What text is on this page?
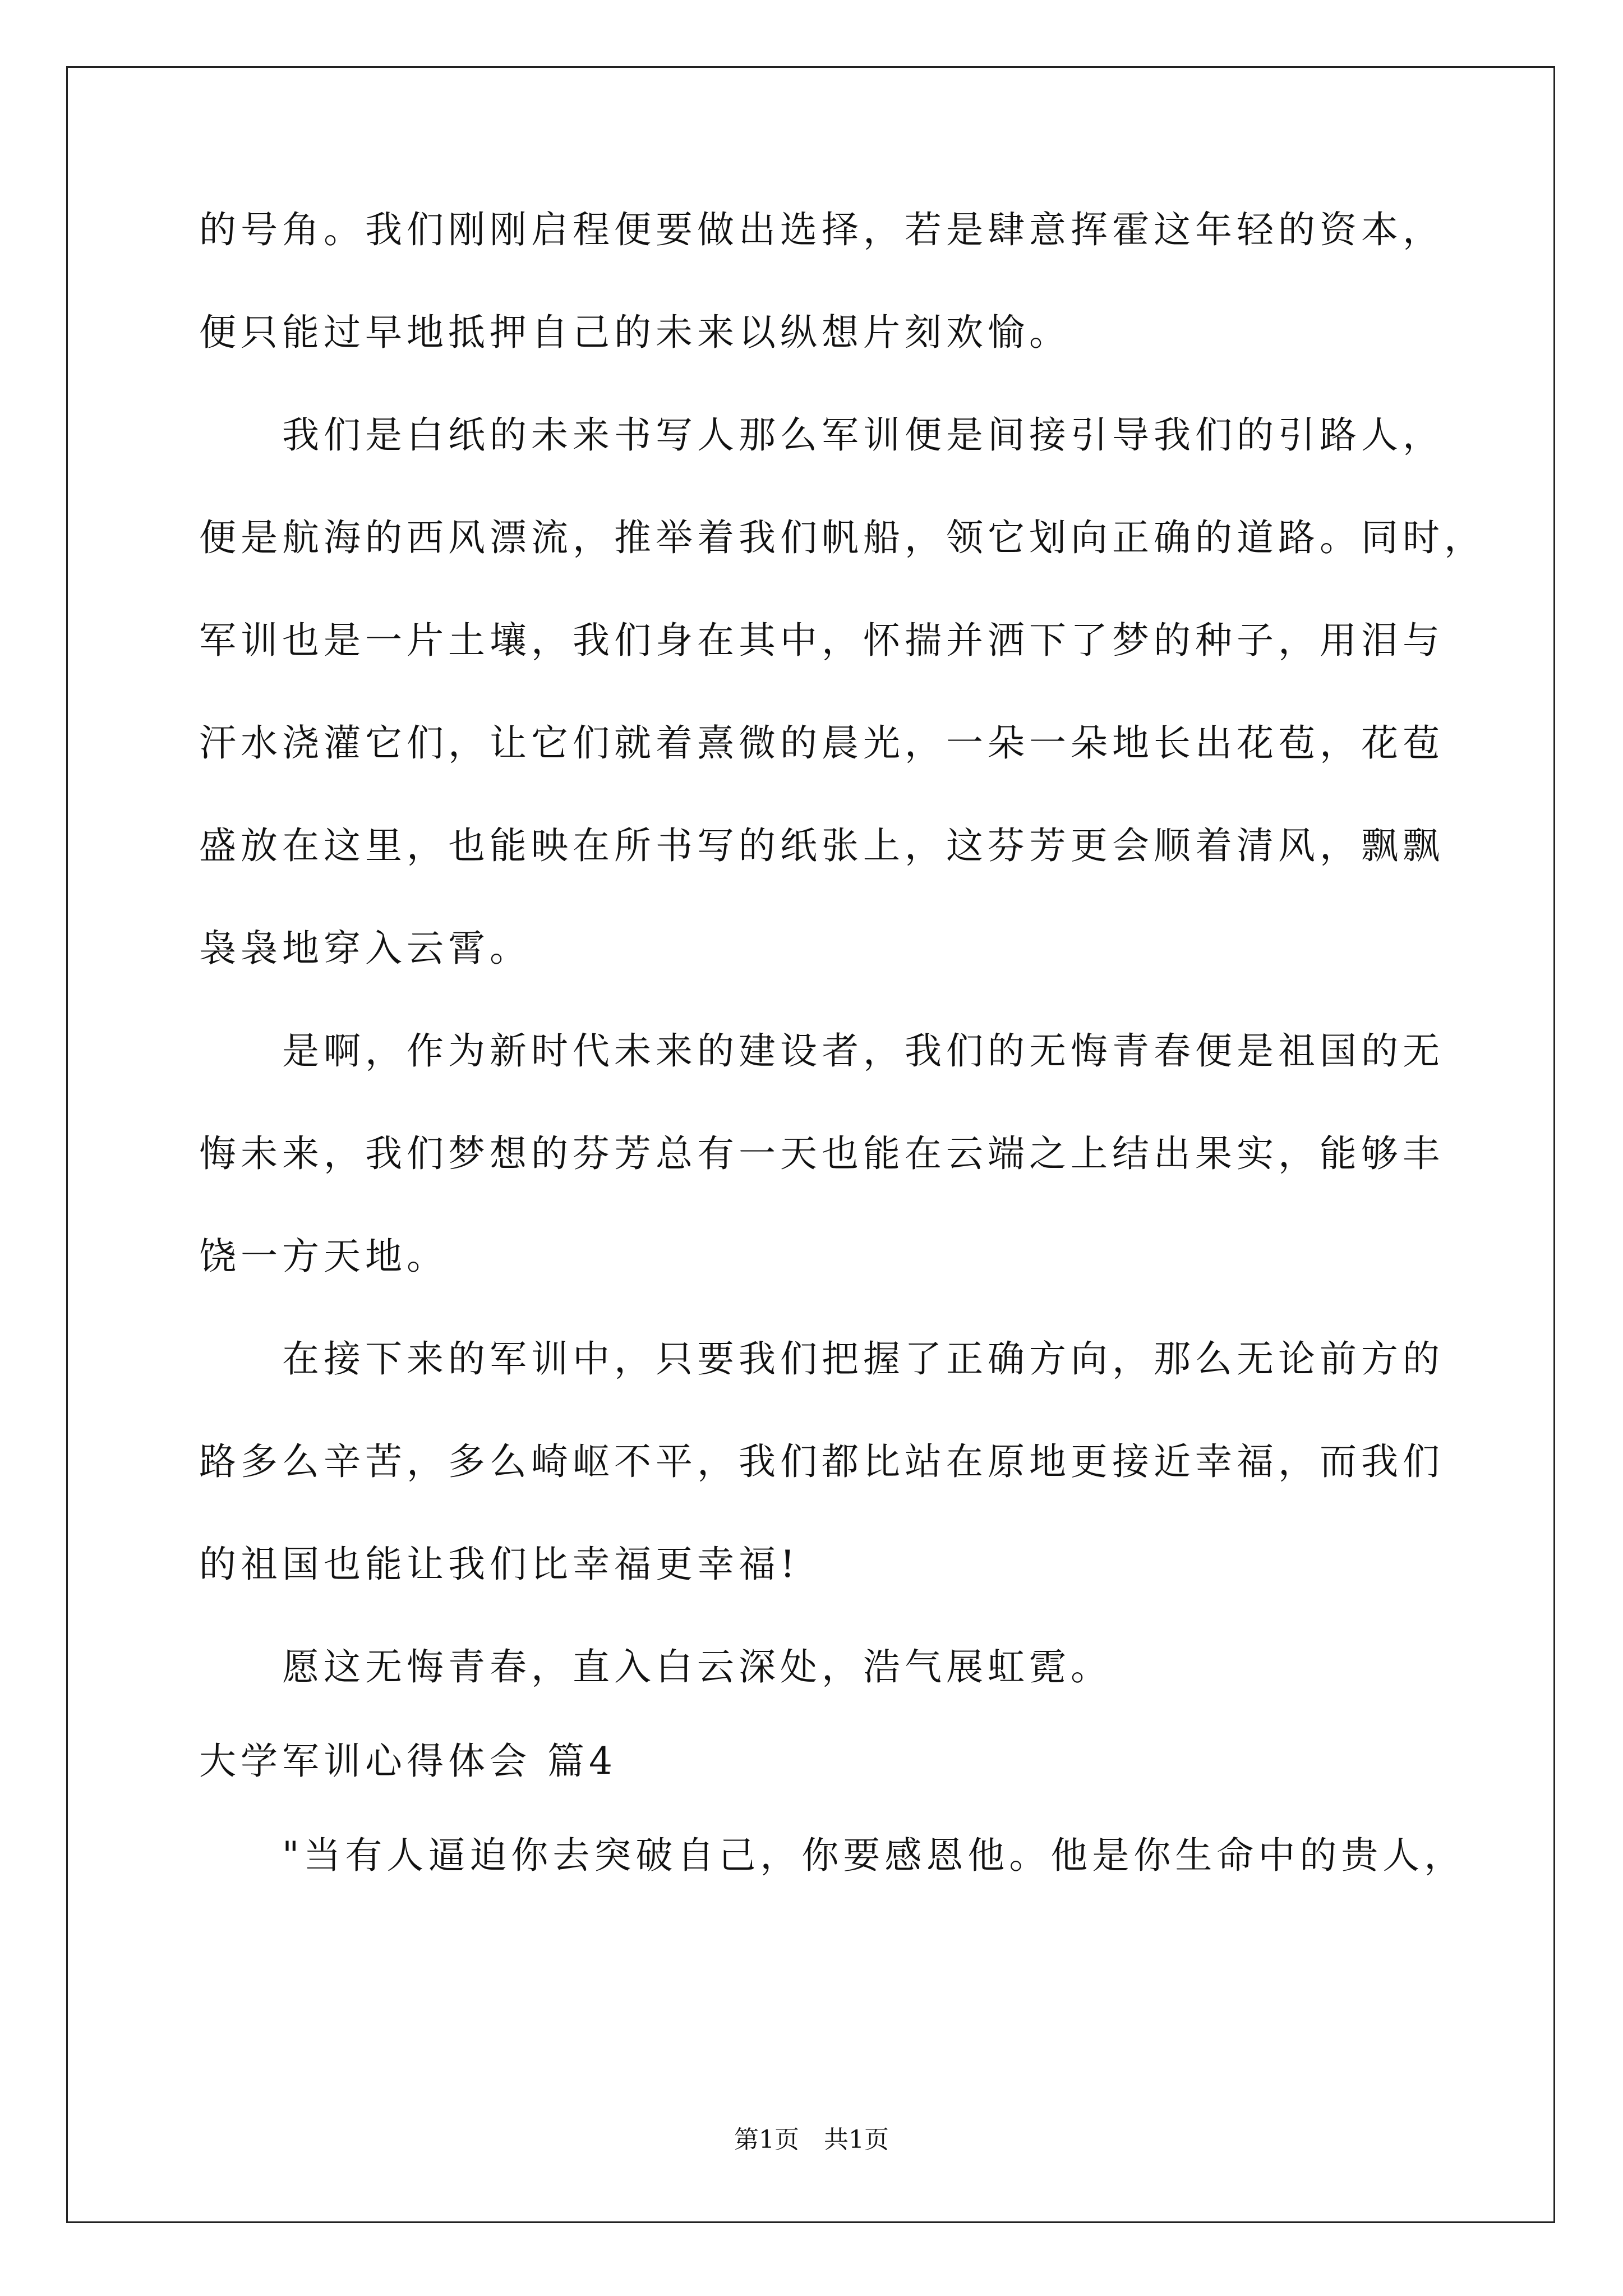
的号角。我们刚刚启程便要做出选择，若是肆意挥霍这年轻的资本，
便只能过早地抵押自己的未来以纵想片刻欢愉。
　　我们是白纸的未来书写人那么军训便是间接引导我们的引路人，
便是航海的西风漂流，推举着我们帆船，领它划向正确的道路。同时，
军训也是一片土壤，我们身在其中，怀揣并洒下了梦的种子，用泪与
汗水浇灌它们，让它们就着熹微的晨光，一朵一朵地长出花苞，花苞
盛放在这里，也能映在所书写的纸张上，这芬芳更会顺着清风，飘飘
袅袅地穿入云霄。
　　是啊，作为新时代未来的建设者，我们的无悔青春便是祖国的无
悔未来，我们梦想的芬芳总有一天也能在云端之上结出果实，能够丰
饶一方天地。
　　在接下来的军训中，只要我们把握了正确方向，那么无论前方的
路多么辛苦，多么崎岖不平，我们都比站在原地更接近幸福，而我们
的祖国也能让我们比幸福更幸福!
　　愿这无悔青春，直入白云深处，浩气展虹霓。
大学军训心得体会 篇4
　　"当有人逼迫你去突破自己，你要感恩他。他是你生命中的贵人，
第1页　共1页
